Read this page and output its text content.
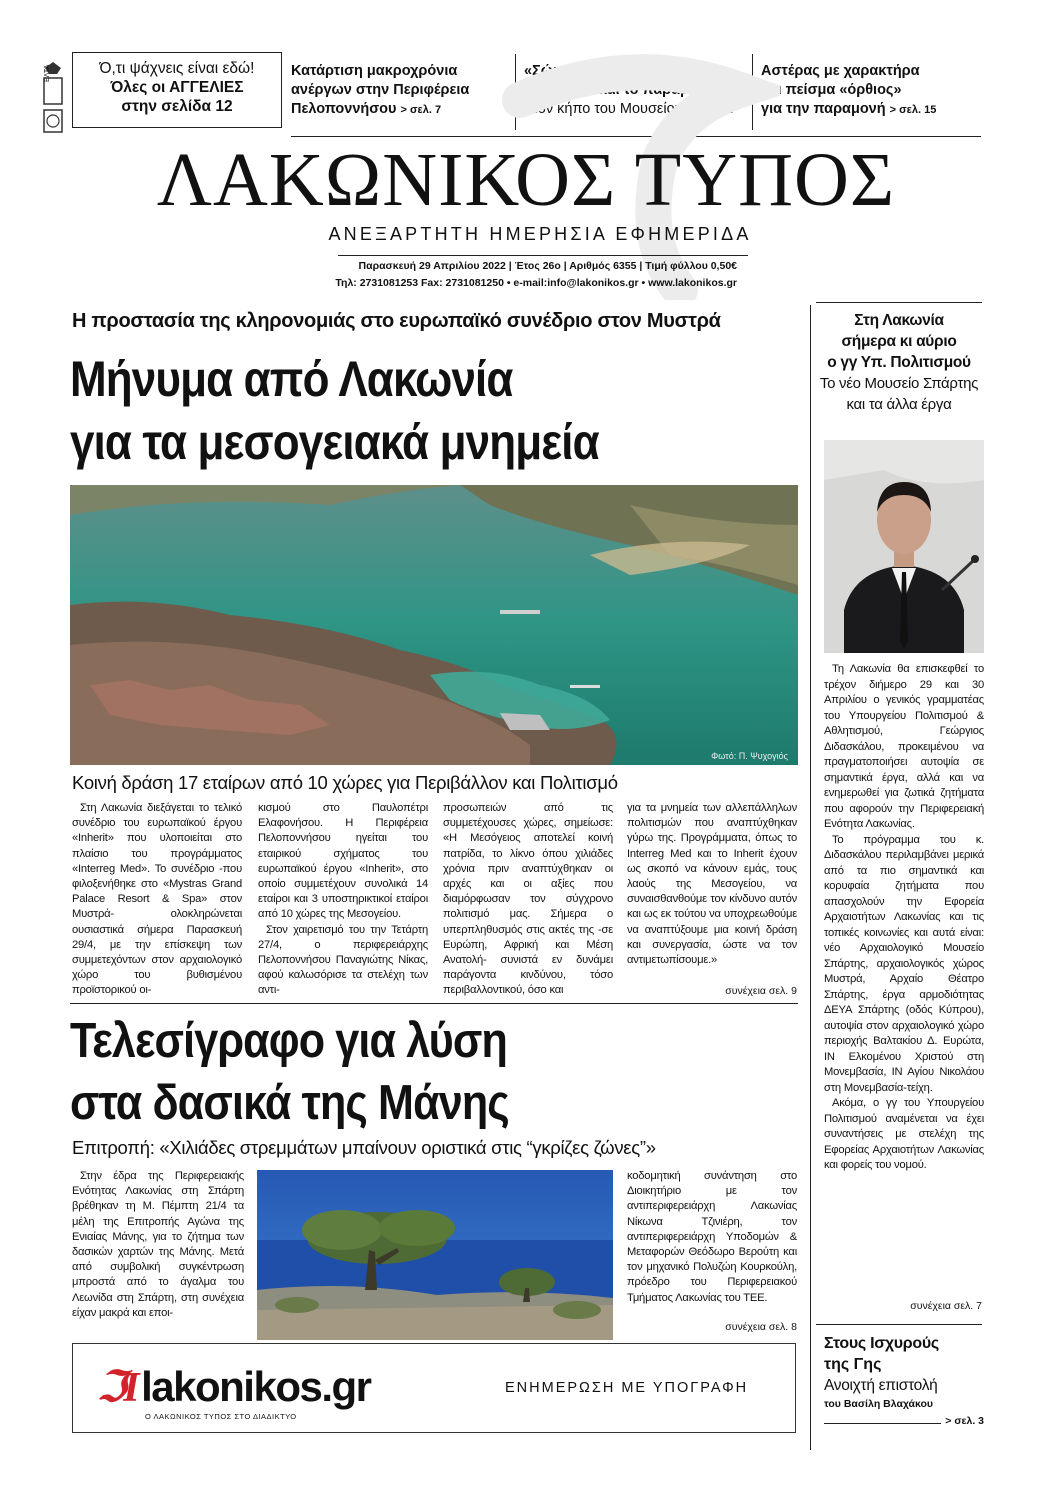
ΕΛΤΑ	Ό,τι ψάχνεις είναι εδώ!
Όλες οι ΑΓΓΕΛΙΕΣ
στην σελίδα 12
Κατάρτιση μακροχρόνια
ανέργων στην Περιφέρεια
Πελοποννήσου > σελ. 7
«Σώμα και πνεύμα
στον μύθο και το παραμύθι»
Στον κήπο του Μουσείου > σελ. 11
Αστέρας με χαρακτήρα
και πείσμα «όρθιος»
για την παραμονή > σελ. 15
ΛΑΚΩΝΙΚΟΣ ΤΥΠΟΣ
ΑΝΕΞΑΡΤΗΤΗ ΗΜΕΡΗΣΙΑ ΕΦΗΜΕΡΙΔΑ
Παρασκευή 29 Απριλίου 2022 | Έτος 26ο | Αριθμός 6355 | Τιμή φύλλου 0,50€
Τηλ: 2731081253 Fax: 2731081250 • e-mail:info@lakonikos.gr • www.lakonikos.gr
Η προστασία της κληρονομιάς στο ευρωπαϊκό συνέδριο στον Μυστρά
Μήνυμα από Λακωνία
για τα μεσογειακά μνημεία
Φωτό: Π. Ψυχογιός
Κοινή δράση 17 εταίρων από 10 χώρες για Περιβάλλον και Πολιτισμό

Στη Λακωνία διεξάγεται το τελικό συνέδριο του ευρωπαϊκού έργου «Inherit» που υλοποιείται στο πλαίσιο του προγράμματος «Interreg Med». Το συνέδριο -που φιλοξενήθηκε στο «Mystras Grand Palace Resort & Spa» στον Μυστρά- ολοκληρώνεται ουσιαστικά σήμερα Παρασκευή 29/4, με την επίσκεψη των συμμετεχόντων στον αρχαιολογικό χώρο του βυθισμένου προϊστορικού οι-

κισμού στο Παυλοπέτρι Ελαφονήσου. Η Περιφέρεια Πελοποννήσου ηγείται του εταιρικού σχήματος του ευρωπαϊκού έργου «Inherit», στο οποίο συμμετέχουν συνολικά 14 εταίροι και 3 υποστηρικτικοί εταίροι από 10 χώρες της Μεσογείου.

Στον χαιρετισμό του την Τετάρτη 27/4, ο περιφερειάρχης Πελοποννήσου Παναγιώτης Νίκας, αφού καλωσόρισε τα στελέχη των αντι-

προσωπειών από τις συμμετέχουσες χώρες, σημείωσε: «Η Μεσόγειος αποτελεί κοινή πατρίδα, το λίκνο όπου χιλιάδες χρόνια πριν αναπτύχθηκαν οι αρχές και οι αξίες που διαμόρφωσαν τον σύγχρονο πολιτισμό μας. Σήμερα ο υπερπληθυσμός στις ακτές της -σε Ευρώπη, Αφρική και Μέση Ανατολή- συνιστά εν δυνάμει παράγοντα κινδύνου, τόσο περιβαλλοντικού, όσο και

για τα μνημεία των αλλεπάλληλων πολιτισμών που αναπτύχθηκαν γύρω της. Προγράμματα, όπως το Interreg Med και το Inherit έχουν ως σκοπό να κάνουν εμάς, τους λαούς της Μεσογείου, να συναισθανθούμε τον κίνδυνο αυτόν και ως εκ τούτου να υποχρεωθούμε να αναπτύξουμε μια κοινή δράση και συνεργασία, ώστε να τον αντιμετωπίσουμε.»

συνέχεια σελ. 9
Τελεσίγραφο για λύση
στα δασικά της Μάνης
Επιτροπή: «Χιλιάδες στρεμμάτων μπαίνουν οριστικά στις “γκρίζες ζώνες”»

Στην έδρα της Περιφερειακής Ενότητας Λακωνίας στη Σπάρτη βρέθηκαν τη Μ. Πέμπτη 21/4 τα μέλη της Επιτροπής Αγώνα της Ενιαίας Μάνης, για το ζήτημα των δασικών χαρτών της Μάνης. Μετά από συμβολική συγκέντρωση μπροστά από το άγαλμα του Λεωνίδα στη Σπάρτη, στη συνέχεια είχαν μακρά και εποι-

κοδομητική συνάντηση στο Διοικητήριο με τον αντιπεριφερειάρχη Λακωνίας Νίκωνα Τζινιέρη, τον αντιπεριφερειάρχη Υποδομών & Μεταφορών Θεόδωρο Βερούτη και τον μηχανικό Πολυζώη Κουρκούλη, πρόεδρο του Περιφερειακού Τμήματος Λακωνίας του ΤΕΕ.

συνέχεια σελ. 8
ℑI lakonikos.gr
Ο ΛΑΚΩΝΙΚΟΣ ΤΥΠΟΣ ΣΤΟ ΔΙΑΔΙΚΤΥΟ
ΕΝΗΜΕΡΩΣΗ ΜΕ ΥΠΟΓΡΑΦΗ
Στη Λακωνία
σήμερα κι αύριο
ο γγ Υπ. Πολιτισμού
Το νέο Μουσείο Σπάρτης
και τα άλλα έργα

Τη Λακωνία θα επισκεφθεί το τρέχον διήμερο 29 και 30 Απριλίου ο γενικός γραμματέας του Υπουργείου Πολιτισμού & Αθλητισμού, Γεώργιος Διδασκάλου, προκειμένου να πραγματοποιήσει αυτοψία σε σημαντικά έργα, αλλά και να ενημερωθεί για ζωτικά ζητήματα που αφορούν την Περιφερειακή Ενότητα Λακωνίας.

Το πρόγραμμα του κ. Διδασκάλου περιλαμβάνει μερικά από τα πιο σημαντικά και κορυφαία ζητήματα που απασχολούν την Εφορεία Αρχαιοτήτων Λακωνίας και τις τοπικές κοινωνίες και αυτά είναι: νέο Αρχαιολογικό Μουσείο Σπάρτης, αρχαιολογικός χώρος Μυστρά, Αρχαίο Θέατρο Σπάρτης, έργα αρμοδιότητας ΔΕΥΑ Σπάρτης (οδός Κύπρου), αυτοψία στον αρχαιολογικό χώρο περιοχής Βαλτακίου Δ. Ευρώτα, ΙΝ Ελκομένου Χριστού στη Μονεμβασία, ΙΝ Αγίου Νικολάου στη Μονεμβασία-τείχη.

Ακόμα, ο γγ του Υπουργείου Πολιτισμού αναμένεται να έχει συναντήσεις με στελέχη της Εφορείας Αρχαιοτήτων Λακωνίας και φορείς του νομού.

συνέχεια σελ. 7
Στους Ισχυρούς
της Γης
Ανοιχτή επιστολή
του Βασίλη Βλαχάκου
> σελ. 3
